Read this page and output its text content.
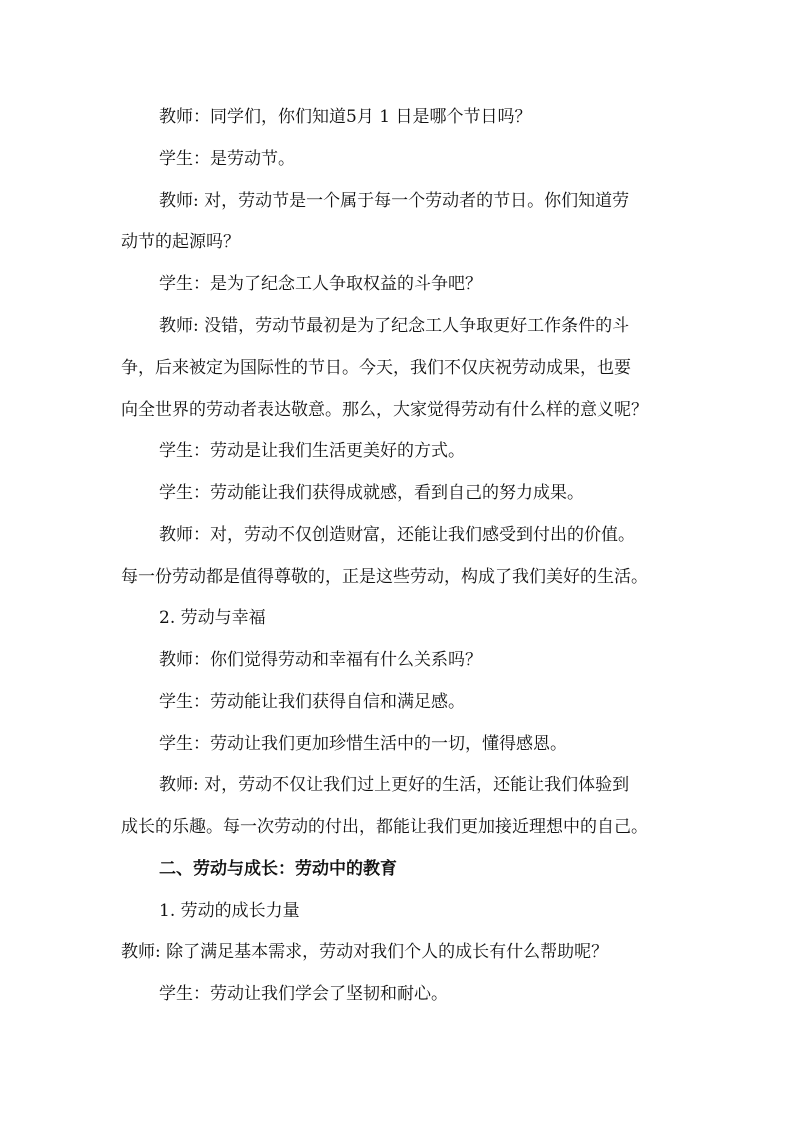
教师：同学们，你们知道5月 1 日是哪个节日吗？

学生：是劳动节。

教师: 对，劳动节是一个属于每一个劳动者的节日。你们知道劳

动节的起源吗？

学生：是为了纪念工人争取权益的斗争吧？

教师: 没错，劳动节最初是为了纪念工人争取更好工作条件的斗

争，后来被定为国际性的节日。今天，我们不仅庆祝劳动成果，也要

向全世界的劳动者表达敬意。那么，大家觉得劳动有什么样的意义呢？

学生：劳动是让我们生活更美好的方式。

学生：劳动能让我们获得成就感，看到自己的努力成果。

教师：对，劳动不仅创造财富，还能让我们感受到付出的价值。

每一份劳动都是值得尊敬的，正是这些劳动，构成了我们美好的生活。

2. 劳动与幸福

教师：你们觉得劳动和幸福有什么关系吗？

学生：劳动能让我们获得自信和满足感。

学生：劳动让我们更加珍惜生活中的一切，懂得感恩。

教师: 对，劳动不仅让我们过上更好的生活，还能让我们体验到

成长的乐趣。每一次劳动的付出，都能让我们更加接近理想中的自己。

二、劳动与成长：劳动中的教育

1. 劳动的成长力量

教师: 除了满足基本需求，劳动对我们个人的成长有什么帮助呢？

学生：劳动让我们学会了坚韧和耐心。
